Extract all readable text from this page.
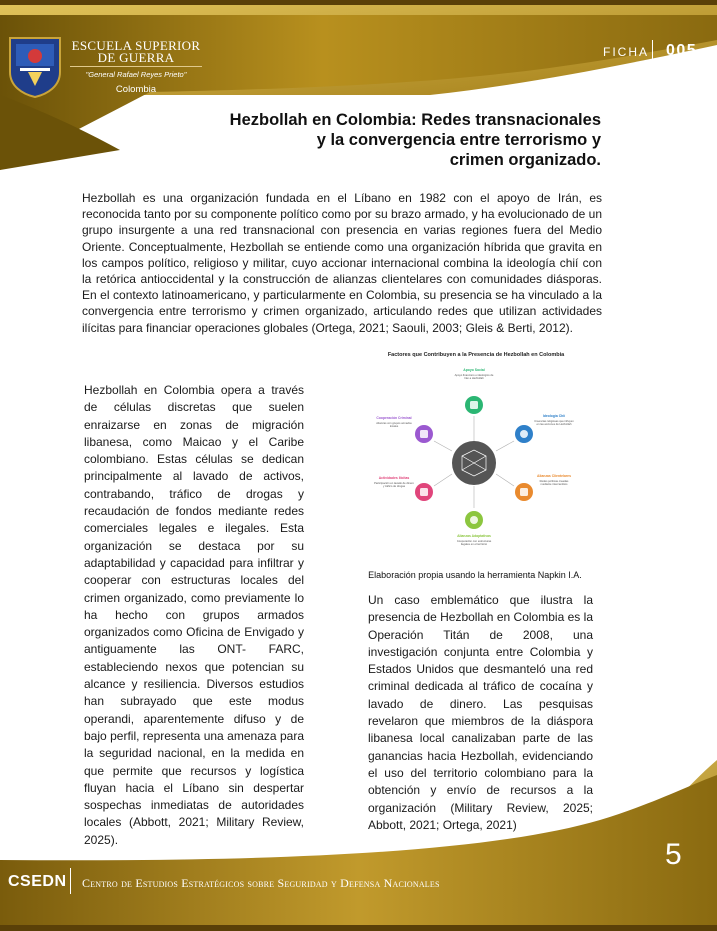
ESCUELA SUPERIOR
DE GUERRA
"General Rafael Reyes Prieto"
Colombia
FICHA 005
Hezbollah en Colombia: Redes transnacionales
y la convergencia entre terrorismo y
crimen organizado.

Hezbollah es una organización fundada en el Líbano en 1982 con el apoyo de Irán, es reconocida tanto por su componente político como por su brazo armado, y ha evolucionado de un grupo insurgente a una red transnacional con presencia en varias regiones fuera del Medio Oriente. Conceptualmente, Hezbollah se entiende como una organización híbrida que gravita en los campos político, religioso y militar, cuyo accionar internacional combina la ideología chií con la retórica antioccidental y la construcción de alianzas clientelares con comunidades diásporas. En el contexto latinoamericano, y particularmente en Colombia, su presencia se ha vinculado a la convergencia entre terrorismo y crimen organizado, articulando redes que utilizan actividades ilícitas para financiar operaciones globales (Ortega, 2021; Saouli, 2003; Gleis & Berti, 2012).

Hezbollah en Colombia opera a través de células discretas que suelen enraizarse en zonas de migración libanesa, como Maicao y el Caribe colombiano. Estas células se dedican principalmente al lavado de activos, contrabando, tráfico de drogas y recaudación de fondos mediante redes comerciales legales e ilegales. Esta organización se destaca por su adaptabilidad y capacidad para infiltrar y cooperar con estructuras locales del crimen organizado, como previamente lo ha hecho con grupos armados organizados como Oficina de Envigado y antiguamente las ONT- FARC, estableciendo nexos que potencian su alcance y resiliencia. Diversos estudios han subrayado que este modus operandi, aparentemente difuso y de bajo perfil, representa una amenaza para la seguridad nacional, en la medida en que permite que recursos y logística fluyan hacia el Líbano sin despertar sospechas inmediatas de autoridades locales (Abbott, 2021; Military Review, 2025).

Factores que Contribuyen a la Presencia de Hezbollah en Colombia
Apoyo Social
Apoyo financiero e ideológico de Irán a Hezbollah
Ideología Chií
Creencias religiosas que influyen en las acciones de Hezbollah
Alianzas Clientelares
Redes políticas creadas mediante intercambios
Alianzas Adaptativas
Cooperación con estructuras ilegales en el territorio
Actividades Ilícitas
Participación en lavado de dinero y tráfico de drogas
Cooperación Criminal
Alianzas con grupos armados locales
Elaboración propia usando la herramienta Napkin I.A.
CSEDN Centro de Estudios Estratégicos sobre Seguridad y Defensa Nacionales
5

Un caso emblemático que ilustra la presencia de Hezbollah en Colombia es la Operación Titán de 2008, una investigación conjunta entre Colombia y Estados Unidos que desmanteló una red criminal dedicada al tráfico de cocaína y lavado de dinero. Las pesquisas revelaron que miembros de la diáspora libanesa local canalizaban parte de las ganancias hacia Hezbollah, evidenciando el uso del territorio colombiano para la obtención y envío de recursos a la organización (Military Review, 2025; Abbott, 2021; Ortega, 2021)
